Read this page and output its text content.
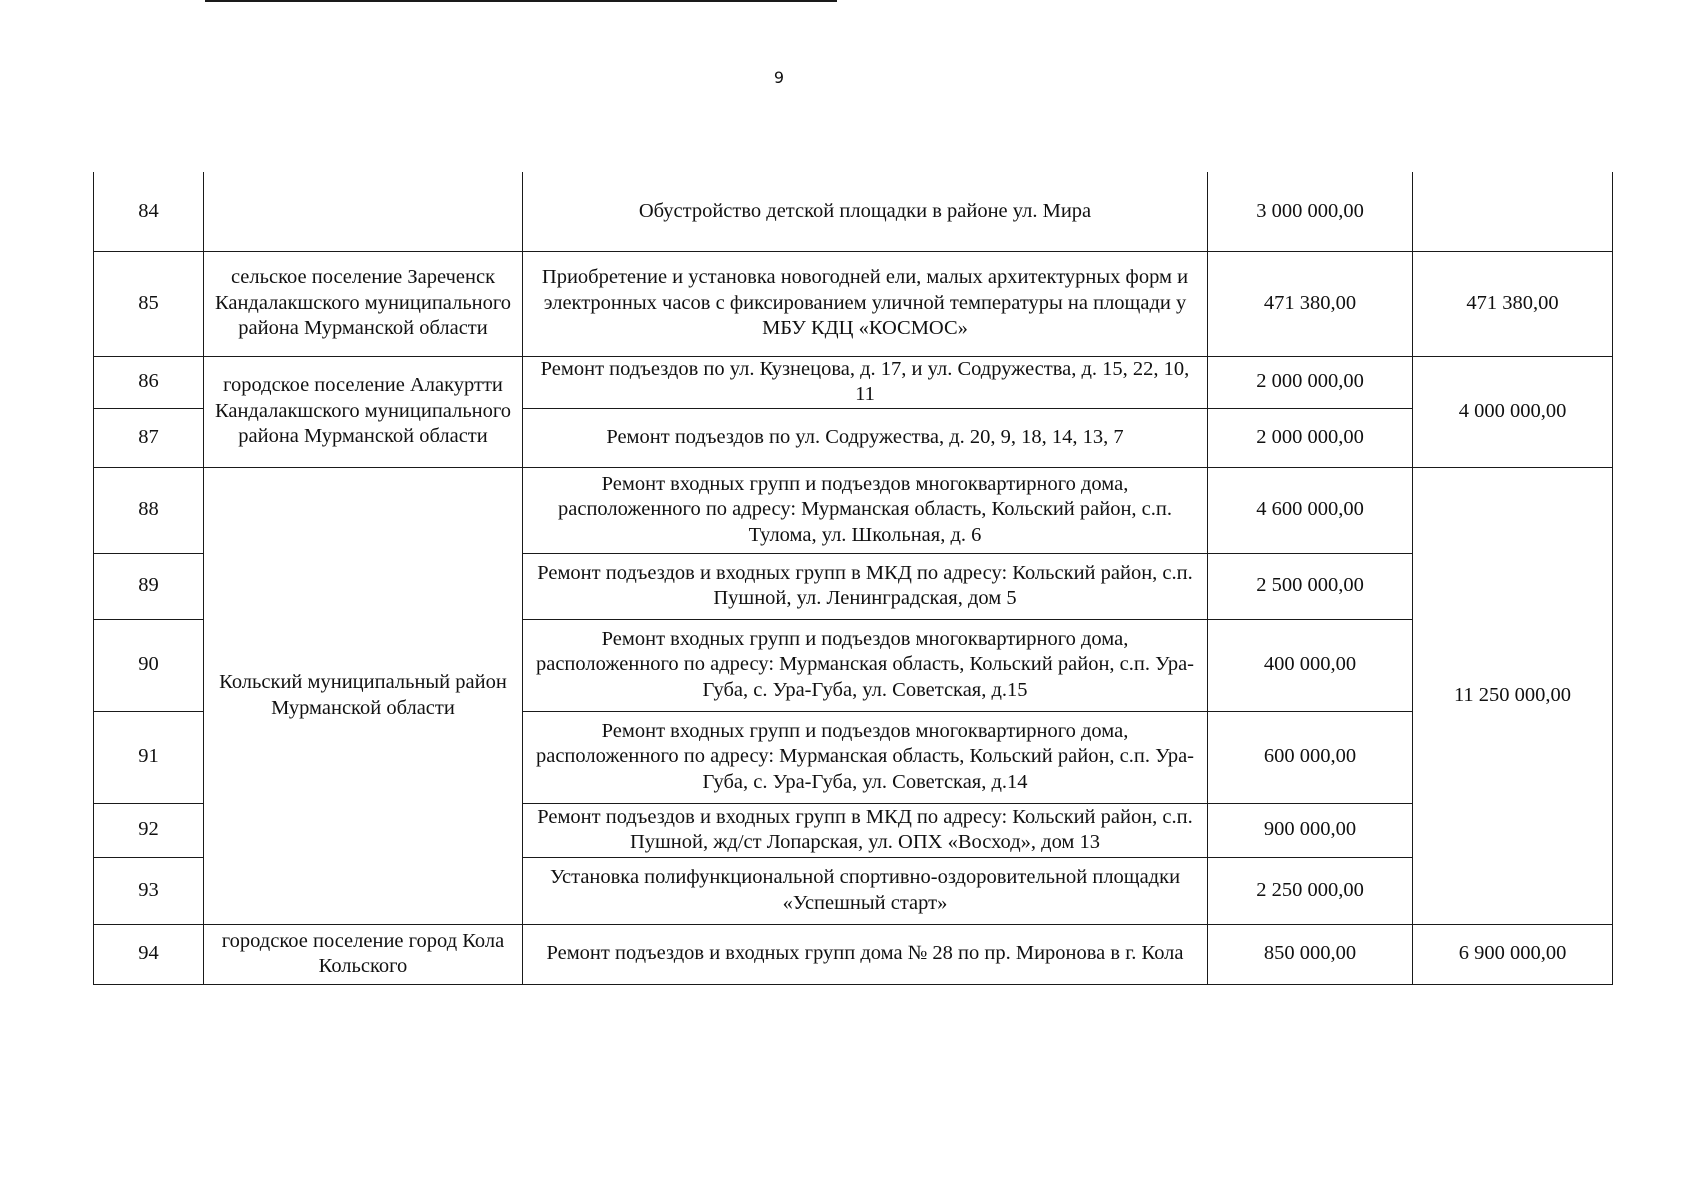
9
84		Обустройство детской площадки в районе ул. Мира	3 000 000,00	
85	сельское поселение Зареченск Кандалакшского муниципального района Мурманской области	Приобретение и установка новогодней ели, малых архитектурных форм и электронных часов с фиксированием уличной температуры на площади у МБУ КДЦ «КОСМОС»	471 380,00	471 380,00
86	городское поселение Алакуртти Кандалакшского муниципального района Мурманской области	Ремонт подъездов по ул. Кузнецова, д. 17, и ул. Содружества, д. 15, 22, 10, 11	2 000 000,00	4 000 000,00
87		Ремонт подъездов по ул. Содружества, д. 20, 9, 18, 14, 13, 7	2 000 000,00	
88	Кольский муниципальный район Мурманской области	Ремонт входных групп и подъездов многоквартирного дома, расположенного по адресу: Мурманская область, Кольский район, с.п. Тулома, ул. Школьная, д. 6	4 600 000,00	11 250 000,00
89		Ремонт подъездов и входных групп в МКД по адресу: Кольский район, с.п. Пушной, ул. Ленинградская, дом 5	2 500 000,00	
90		Ремонт входных групп и подъездов многоквартирного дома, расположенного по адресу: Мурманская область, Кольский район, с.п. Ура-Губа, с. Ура-Губа, ул. Советская, д.15	400 000,00	
91		Ремонт входных групп и подъездов многоквартирного дома, расположенного по адресу: Мурманская область, Кольский район, с.п. Ура-Губа, с. Ура-Губа, ул. Советская, д.14	600 000,00	
92		Ремонт подъездов и входных групп в МКД по адресу: Кольский район, с.п. Пушной, жд/ст Лопарская, ул. ОПХ «Восход», дом 13	900 000,00	
93		Установка полифункциональной спортивно-оздоровительной площадки «Успешный старт»	2 250 000,00	
94	городское поселение город Кола Кольского	Ремонт подъездов и входных групп дома № 28 по пр. Миронова в г. Кола	850 000,00	6 900 000,00
